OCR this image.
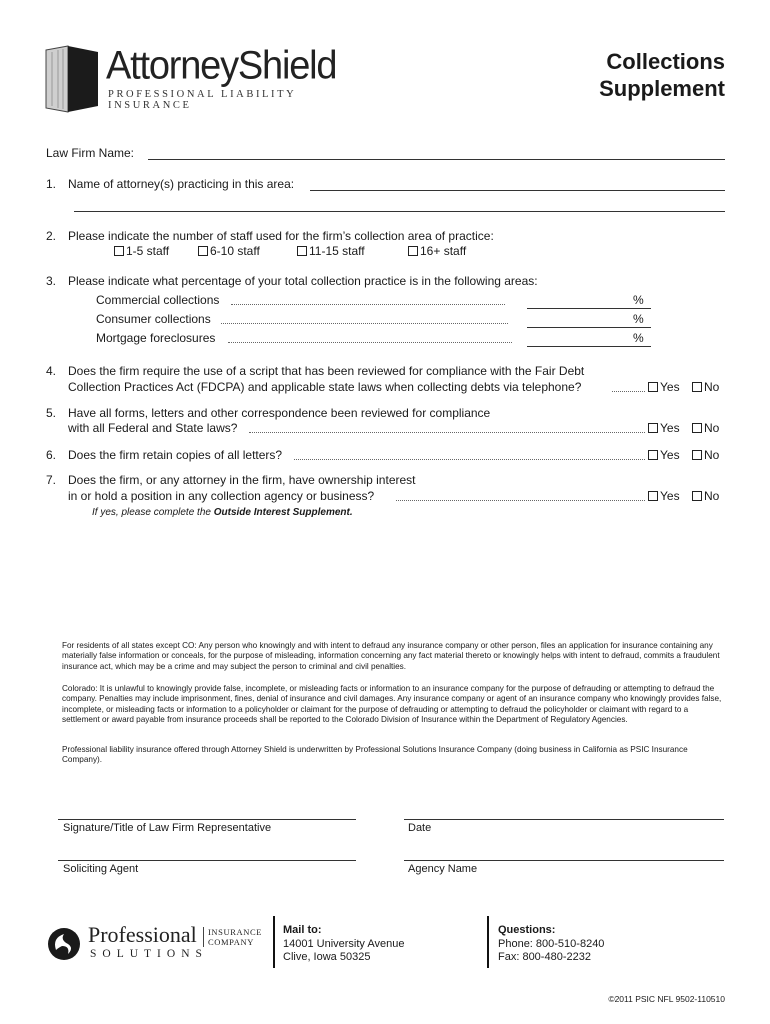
AttorneyShield
PROFESSIONAL LIABILITY INSURANCE
Collections
Supplement
Law Firm Name:
1. Name of attorney(s) practicing in this area:
2. Please indicate the number of staff used for the firm’s collection area of practice:
1-5 staff	6-10 staff	11-15 staff	16+ staff
3. Please indicate what percentage of your total collection practice is in the following areas:
Commercial collections	%
Consumer collections	%
Mortgage foreclosures	%
4. Does the firm require the use of a script that has been reviewed for compliance with the Fair Debt
Collection Practices Act (FDCPA) and applicable state laws when collecting debts via telephone?	Yes	No
5. Have all forms, letters and other correspondence been reviewed for compliance
with all Federal and State laws?	Yes	No
6. Does the firm retain copies of all letters?	Yes	No
7. Does the firm, or any attorney in the firm, have ownership interest
in or hold a position in any collection agency or business?	Yes	No
If yes, please complete the Outside Interest Supplement.
For residents of all states except CO: Any person who knowingly and with intent to defraud any insurance company or other person, files an application for insurance containing any materially false information or conceals, for the purpose of misleading, information concerning any fact material thereto or knowingly helps with intent to defraud, commits a fraudulent insurance act, which may be a crime and may subject the person to criminal and civil penalties.
Colorado: It is unlawful to knowingly provide false, incomplete, or misleading facts or information to an insurance company for the purpose of defrauding or attempting to defraud the company. Penalties may include imprisonment, fines, denial of insurance and civil damages. Any insurance company or agent of an insurance company who knowingly provides false, incomplete, or misleading facts or information to a policyholder or claimant for the purpose of defrauding or attempting to defraud the policyholder or claimant with regard to a settlement or award payable from insurance proceeds shall be reported to the Colorado Division of Insurance within the Department of Regulatory Agencies.
Professional liability insurance offered through Attorney Shield is underwritten by Professional Solutions Insurance Company (doing business in California as PSIC Insurance Company).
Signature/Title of Law Firm Representative	Date
Soliciting Agent	Agency Name
Professional
SOLUTIONS
INSURANCE
COMPANY
Mail to:
14001 University Avenue
Clive, Iowa 50325
Questions:
Phone: 800-510-8240
Fax: 800-480-2232
©2011 PSIC NFL 9502-110510
